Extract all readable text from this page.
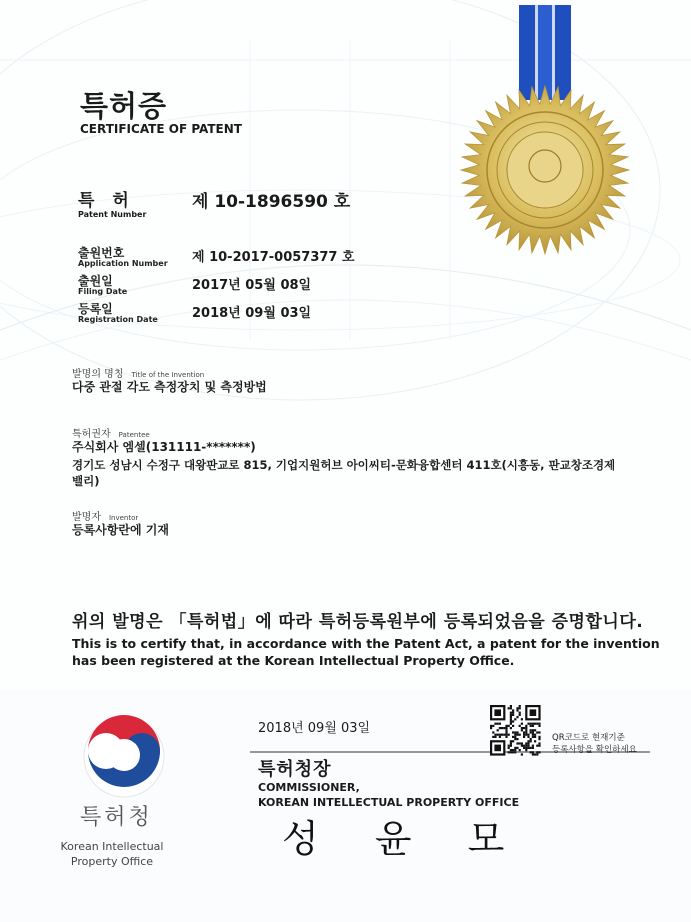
특허증
CERTIFICATE OF PATENT
특 허
Patent Number
제 10-1896590 호
출원번호
Application Number 제 10-2017-0057377 호
출원일
Filing Date	2017년 05월 08일
등록일
Registration Date	2018년 09월 03일
발명의 명칭 Title of the Invention
다중 관절 각도 측정장치 및 측정방법
특허권자 Patentee
주식회사 엠셀(131111-*******)
경기도 성남시 수정구 대왕판교로 815, 기업지원허브 아이씨티-문화융합센터 411호(시흥동, 판교창조경제
밸리)
발명자 Inventor
등록사항란에 기재
위의 발명은 「특허법」에 따라 특허등록원부에 등록되었음을 증명합니다.
This is to certify that, in accordance with the Patent Act, a patent for the invention
has been registered at the Korean Intellectual Property Office.
2018년 09월 03일
QR코드로 현재기준
등록사항을 확인하세요
특허청장
COMMISSIONER,
KOREAN INTELLECTUAL PROPERTY OFFICE
성 윤 모
특허청
Korean Intellectual
Property Office
